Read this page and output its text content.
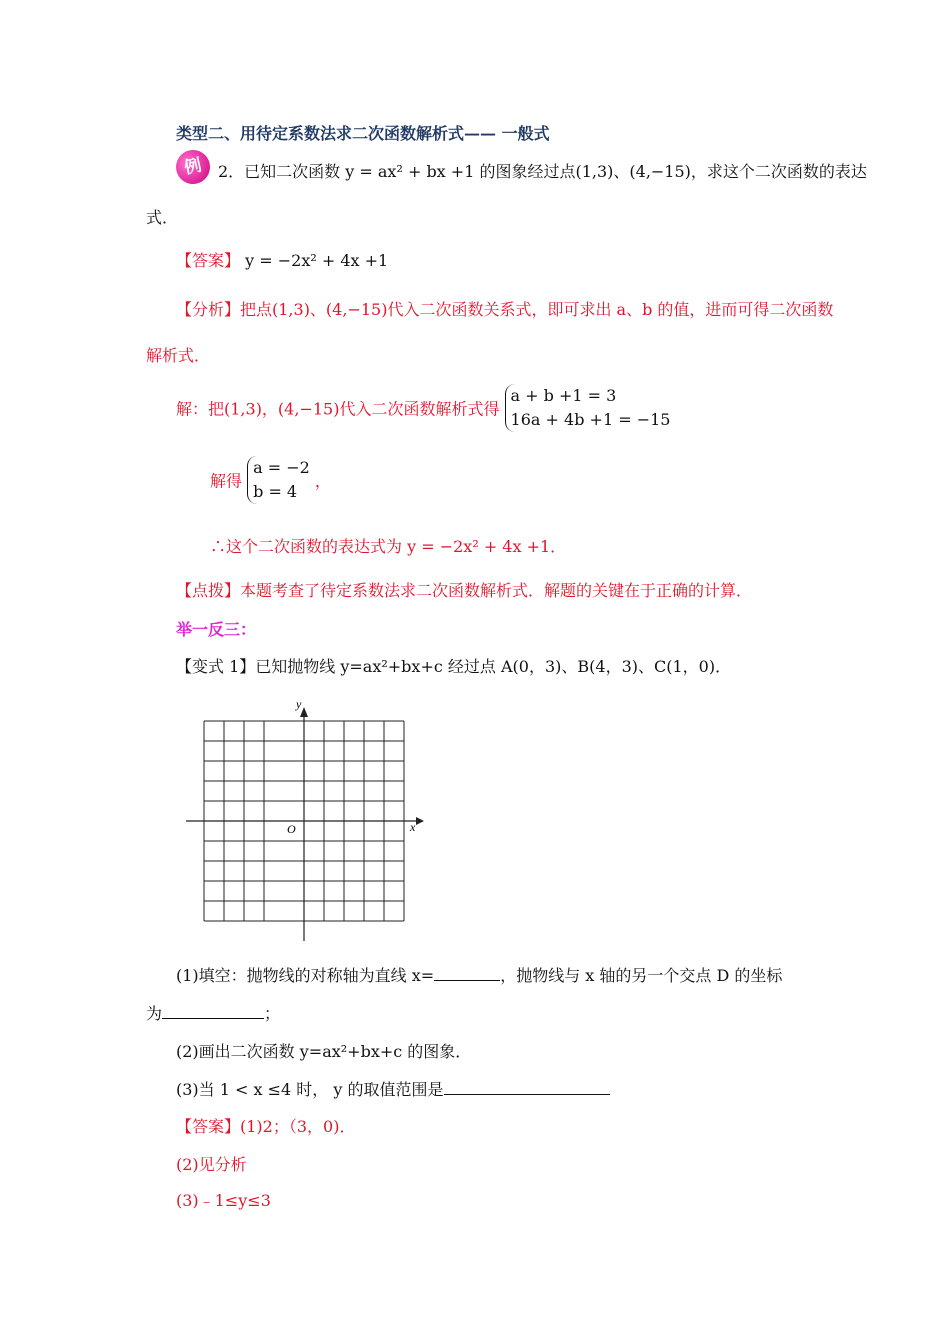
类型二、用待定系数法求二次函数解析式—— 一般式
例 2．已知二次函数 y = ax² + bx +1 的图象经过点(1,3)、(4,−15)，求这个二次函数的表达
式．
【答案】 y = −2x² + 4x +1
【分析】把点(1,3)、(4,−15)代入二次函数关系式，即可求出 a、b 的值，进而可得二次函数
解析式．
解：把(1,3)，(4,−15)代入二次函数解析式得 a + b +1 = 3
16a + 4b +1 = −15
解得 a = −2
b = 4 ，
∴这个二次函数的表达式为 y = −2x² + 4x +1．
【点拨】本题考查了待定系数法求二次函数解析式．解题的关键在于正确的计算．
举一反三：
【变式 1】已知抛物线 y=ax²+bx+c 经过点 A(0，3)、B(4，3)、C(1，0)．
y
x
O
(1)填空：抛物线的对称轴为直线 x=	，抛物线与 x 轴的另一个交点 D 的坐标
为	；
(2)画出二次函数 y=ax²+bx+c 的图象．
(3)当 1 < x ≤4 时， y 的取值范围是
【答案】(1)2；（3，0)．
(2)见分析
(3)﹣1≤y≤3
